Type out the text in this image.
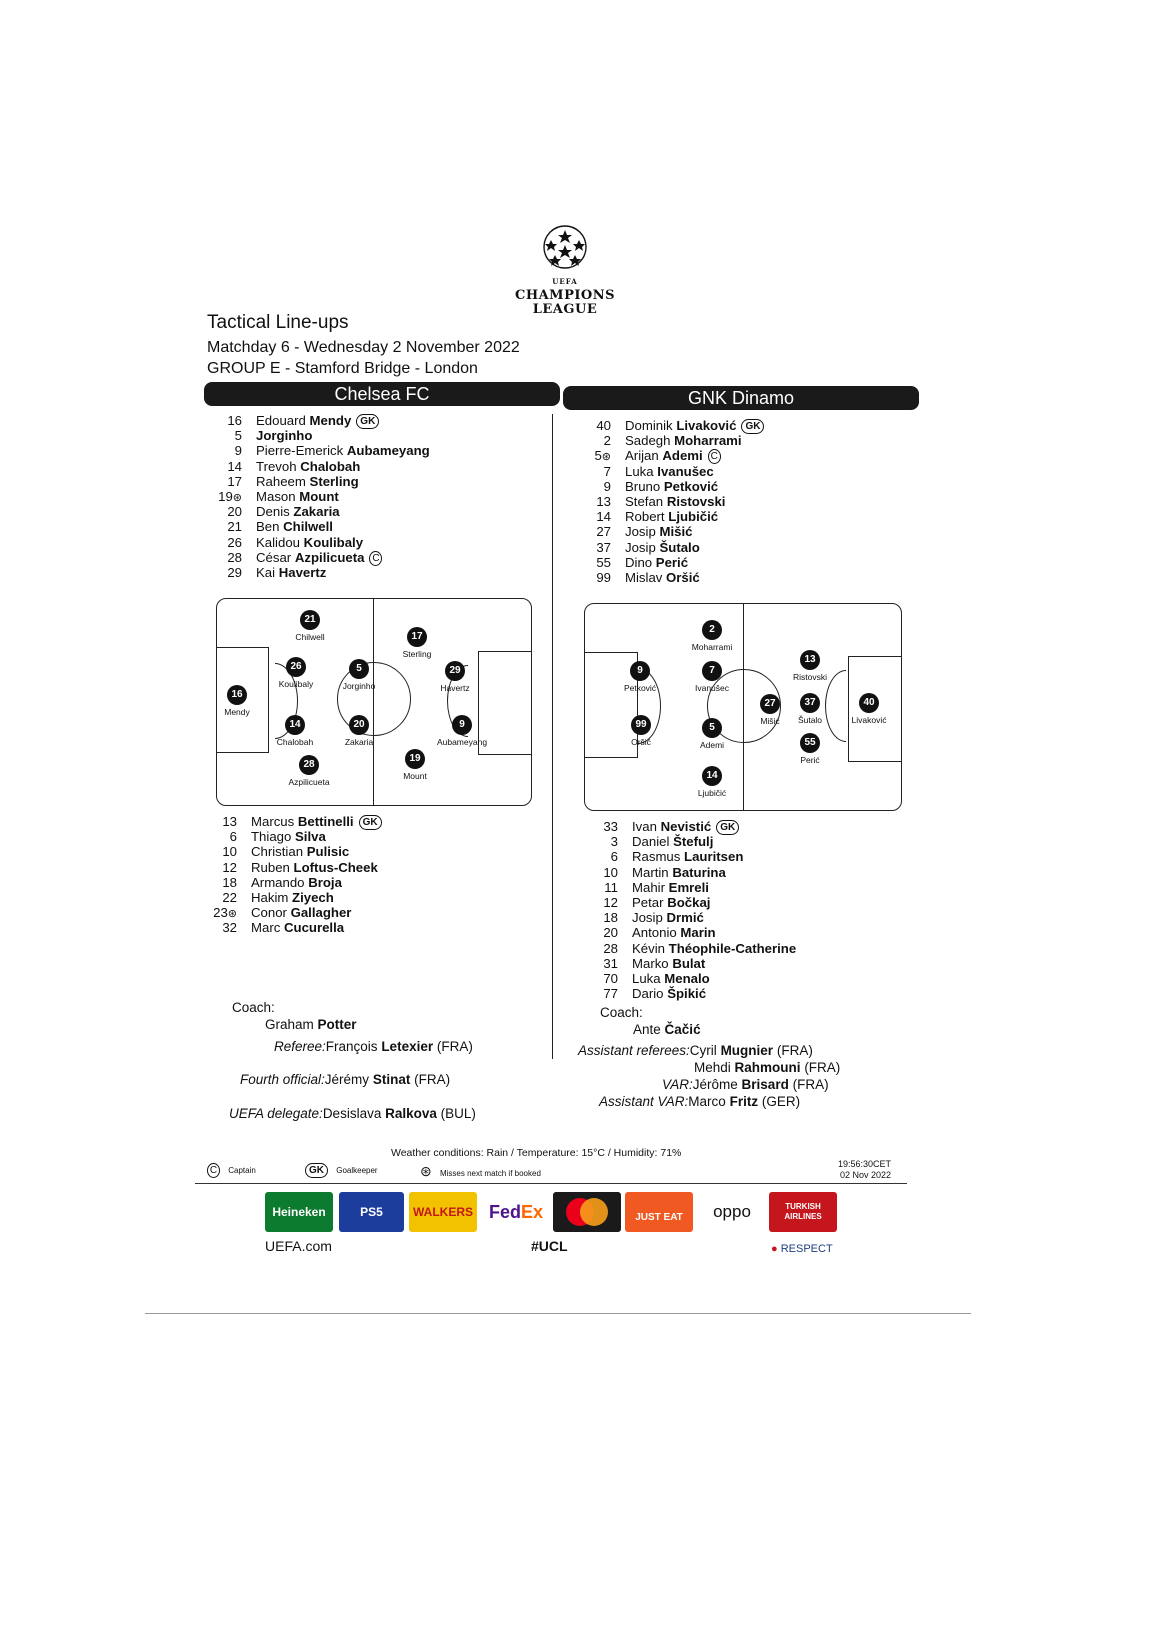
UEFA
CHAMPIONS
LEAGUE
Tactical Line-ups
Matchday 6 - Wednesday 2 November 2022
GROUP E - Stamford Bridge - London
Chelsea FC	GNK Dinamo
16 Edouard Mendy GK
5 Jorginho
9 Pierre-Emerick Aubameyang
14 Trevoh Chalobah
17 Raheem Sterling
19⊛ Mason Mount
20 Denis Zakaria
21 Ben Chilwell
26 Kalidou Koulibaly
28 César Azpilicueta C
29 Kai Havertz
40 Dominik Livaković GK
2 Sadegh Moharrami
5⊛ Arijan Ademi C
7 Luka Ivanušec
9 Bruno Petković
13 Stefan Ristovski
14 Robert Ljubičić
27 Josip Mišić
37 Josip Šutalo
55 Dino Perić
99 Mislav Oršić
16
Mendy
21
Chilwell
26
Koulibaly
14
Chalobah
28
Azpilicueta
5
Jorginho
20
Zakaria
17
Sterling
29
Havertz
9
Aubameyang
19
Mount
2
Moharrami
9
Petković
7
Ivanušec
13
Ristovski
27
Mišić
37
Šutalo
40
Livaković
99
Oršić
5
Ademi	55
Perić
14
Ljubičić
13 Marcus Bettinelli GK
6 Thiago Silva
10 Christian Pulisic
12 Ruben Loftus-Cheek
18 Armando Broja
22 Hakim Ziyech
23⊛ Conor Gallagher
32 Marc Cucurella
33 Ivan Nevistić GK
3 Daniel Štefulj
6 Rasmus Lauritsen
10 Martin Baturina
11 Mahir Emreli
12 Petar Bočkaj
18 Josip Drmić
20 Antonio Marin
28 Kévin Théophile-Catherine
31 Marko Bulat
70 Luka Menalo
77 Dario Špikić
Coach:
Graham Potter
Coach:
Ante Čačić
Referee:François Letexier (FRA)
Fourth official:Jérémy Stinat (FRA)
UEFA delegate:Desislava Ralkova (BUL)
Assistant referees:Cyril Mugnier (FRA)
Mehdi Rahmouni (FRA)
VAR:Jérôme Brisard (FRA)
Assistant VAR:Marco Fritz (GER)
Weather conditions: Rain / Temperature: 15°C / Humidity: 71%
C Captain	GK Goalkeeper	⊛ Misses next match if booked
19:56:30CET
02 Nov 2022
Heineken	PS5	WALKERS FedEx	JUST EAT	oppo	TURKISH AIRLINES
UEFA.com	#UCL	● RESPECT
